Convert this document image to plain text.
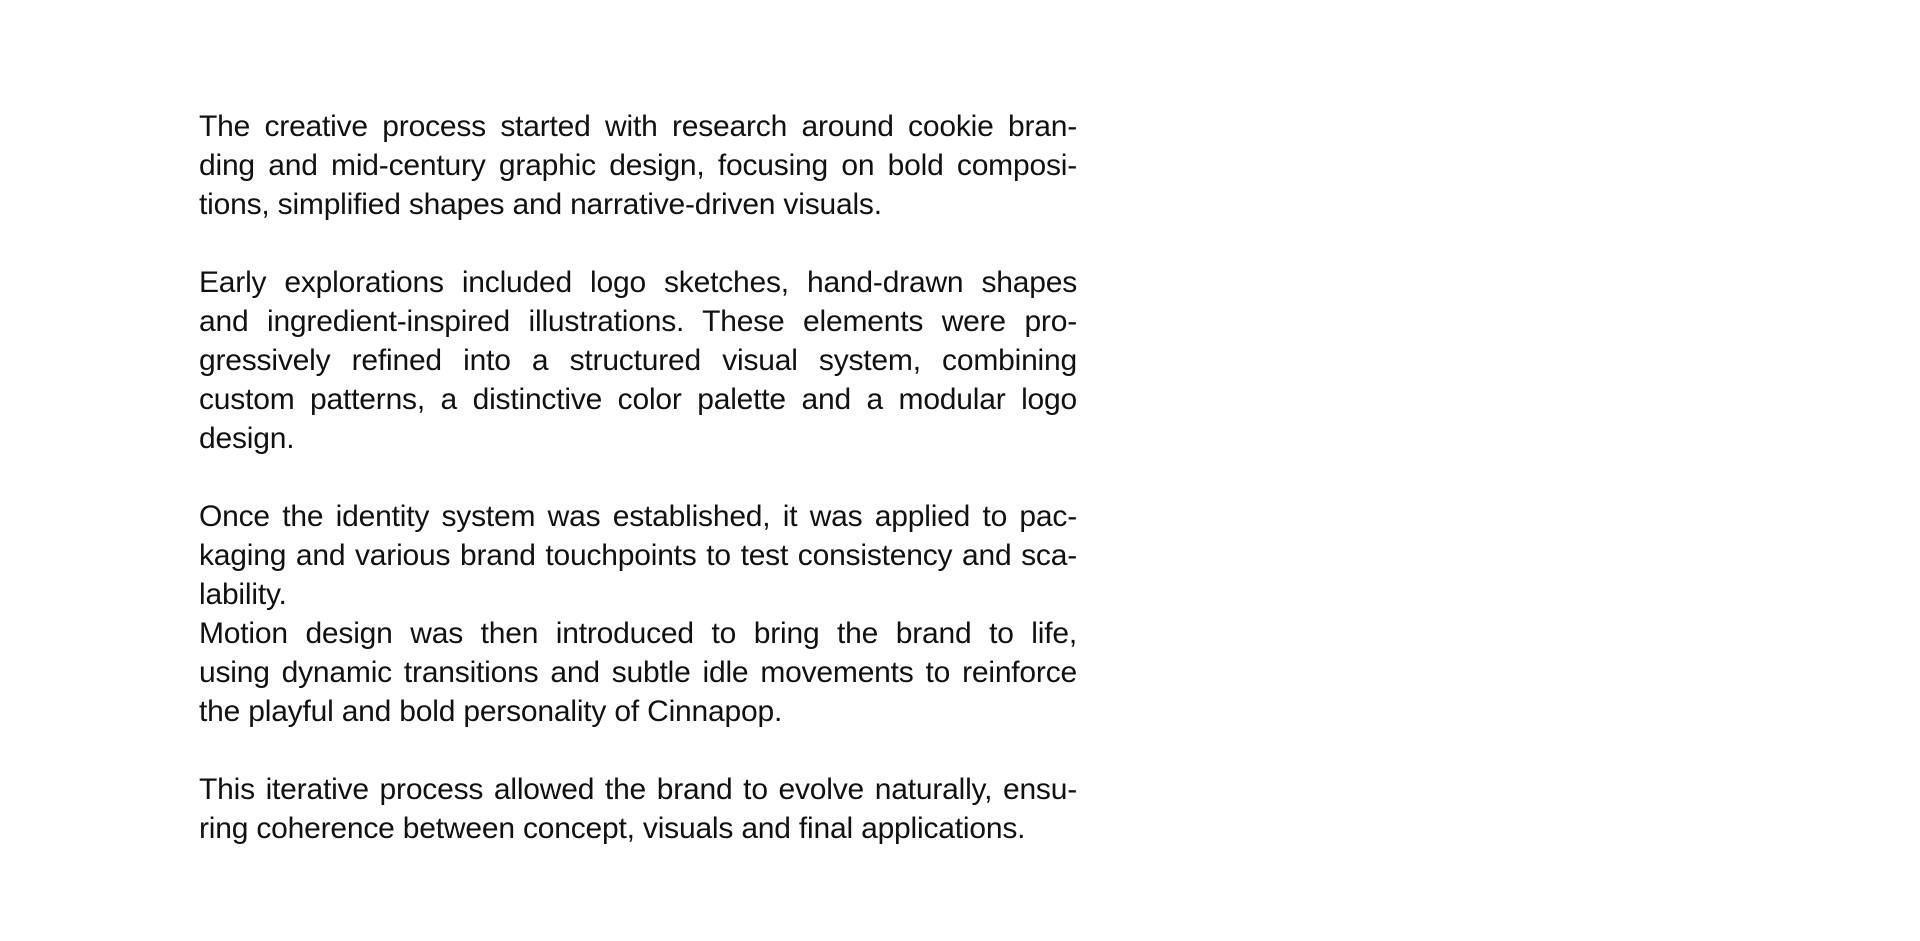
The creative process started with research around cookie bran-
ding and mid-century graphic design, focusing on bold composi-
tions, simplified shapes and narrative-driven visuals.

Early explorations included logo sketches, hand-drawn shapes
and ingredient-inspired illustrations. These elements were pro-
gressively refined into a structured visual system, combining
custom patterns, a distinctive color palette and a modular logo
design.

Once the identity system was established, it was applied to pac-
kaging and various brand touchpoints to test consistency and sca-
lability.

Motion design was then introduced to bring the brand to life,
using dynamic transitions and subtle idle movements to reinforce
the playful and bold personality of Cinnapop.

This iterative process allowed the brand to evolve naturally, ensu-
ring coherence between concept, visuals and final applications.
